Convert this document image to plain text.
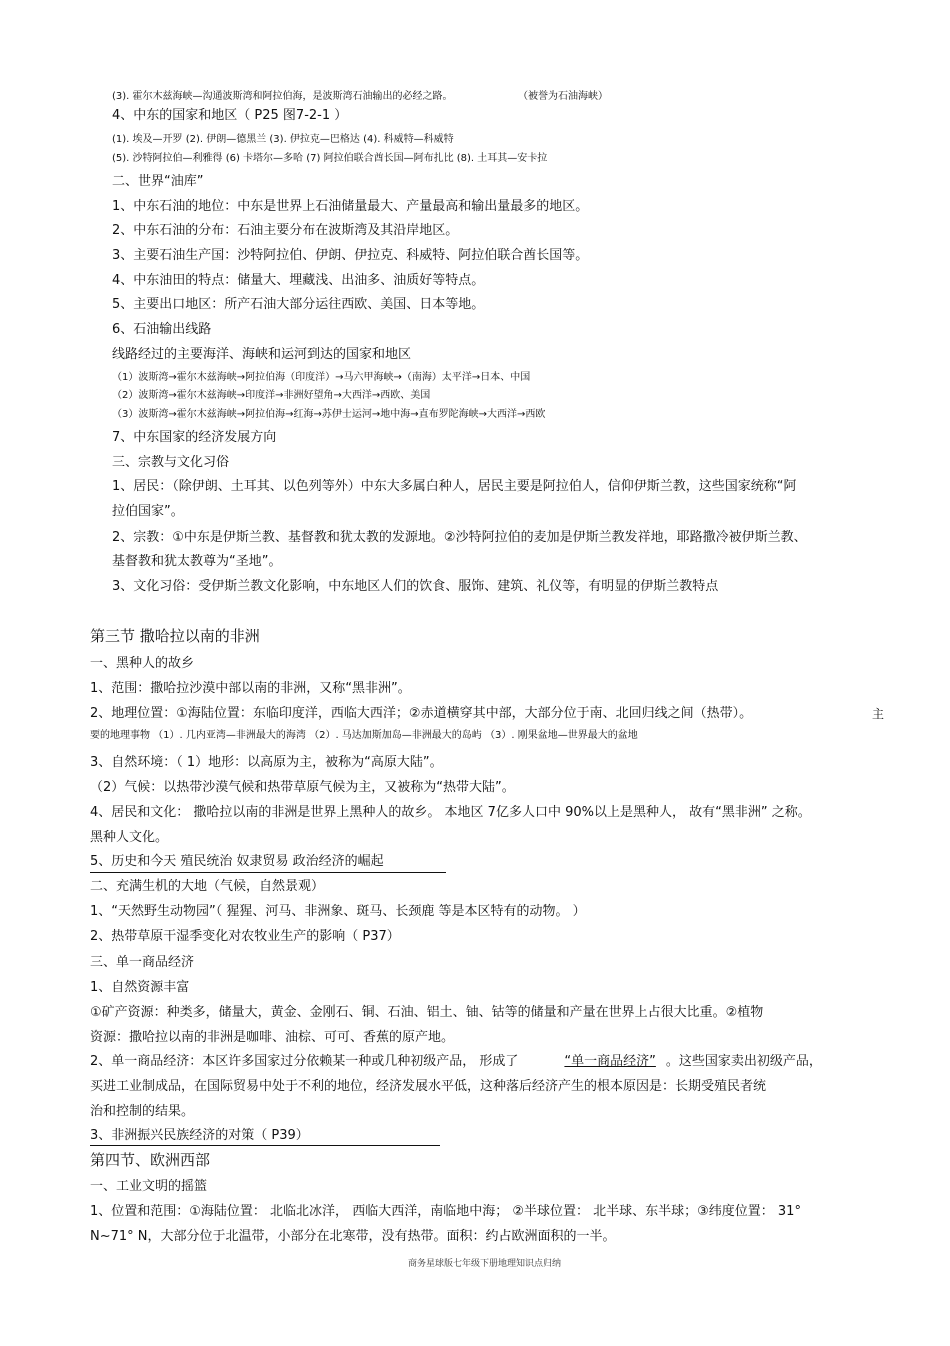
(3). 霍尔木兹海峡—沟通波斯湾和阿拉伯海，是波斯湾石油输出的必经之路。	（被誉为石油海峡）
4、中东的国家和地区（ P25 图7-2-1 ）
(1). 埃及—开罗 (2). 伊朗—德黑兰 (3). 伊拉克—巴格达 (4). 科威特—科威特
(5). 沙特阿拉伯—利雅得 (6) 卡塔尔—多哈 (7) 阿拉伯联合酋长国—阿布扎比 (8). 土耳其—安卡拉
二、世界“油库”
1、中东石油的地位：中东是世界上石油储量最大、产量最高和输出量最多的地区。
2、中东石油的分布：石油主要分布在波斯湾及其沿岸地区。
3、主要石油生产国：沙特阿拉伯、伊朗、伊拉克、科威特、阿拉伯联合酋长国等。
4、中东油田的特点：储量大、埋藏浅、出油多、油质好等特点。
5、主要出口地区：所产石油大部分运往西欧、美国、日本等地。
6、石油输出线路
线路经过的主要海洋、海峡和运河到达的国家和地区
（1）波斯湾→霍尔木兹海峡→阿拉伯海（印度洋）→马六甲海峡→（南海）太平洋→日本、中国
（2）波斯湾→霍尔木兹海峡→印度洋→非洲好望角→大西洋→西欧、美国
（3）波斯湾→霍尔木兹海峡→阿拉伯海→红海→苏伊士运河→地中海→直布罗陀海峡→大西洋→西欧
7、中东国家的经济发展方向
三、宗教与文化习俗
1、居民：（除伊朗、土耳其、以色列等外）中东大多属白种人，居民主要是阿拉伯人，信仰伊斯兰教，这些国家统称“阿
拉伯国家”。
2、宗教：①中东是伊斯兰教、基督教和犹太教的发源地。②沙特阿拉伯的麦加是伊斯兰教发祥地，耶路撒冷被伊斯兰教、
基督教和犹太教尊为“圣地”。
3、文化习俗：受伊斯兰教文化影响，中东地区人们的饮食、服饰、建筑、礼仪等，有明显的伊斯兰教特点
第三节 撒哈拉以南的非洲
一、黑种人的故乡
1、范围：撒哈拉沙漠中部以南的非洲，又称“黑非洲”。
2、地理位置：①海陆位置：东临印度洋，西临大西洋；②赤道横穿其中部，大部分位于南、北回归线之间（热带）。	主
要的地理事物 （1）. 几内亚湾—非洲最大的海湾 （2）. 马达加斯加岛—非洲最大的岛屿 （3）. 刚果盆地—世界最大的盆地
3、自然环境：（ 1）地形：以高原为主，被称为“高原大陆”。
（2）气候：以热带沙漠气候和热带草原气候为主，又被称为“热带大陆”。
4、居民和文化： 撒哈拉以南的非洲是世界上黑种人的故乡。 本地区 7亿多人口中 90%以上是黑种人， 故有“黑非洲” 之称。
黑种人文化。
5、历史和今天 殖民统治 奴隶贸易 政治经济的崛起
二、充满生机的大地（气候，自然景观）
1、“天然野生动物园”（ 猩猩、河马、非洲象、斑马、长颈鹿 等是本区特有的动物。 ）
2、热带草原干湿季变化对农牧业生产的影响（ P37）
三、单一商品经济
1、自然资源丰富
①矿产资源：种类多，储量大，黄金、金刚石、铜、石油、铝土、铀、钴等的储量和产量在世界上占很大比重。②植物
资源：撒哈拉以南的非洲是咖啡、油棕、可可、香蕉的原产地。
2、单一商品经济：本区许多国家过分依赖某一种或几种初级产品， 形成了	“单一商品经济” 。这些国家卖出初级产品，
买进工业制成品，在国际贸易中处于不利的地位，经济发展水平低，这种落后经济产生的根本原因是：长期受殖民者统
治和控制的结果。
3、非洲振兴民族经济的对策（ P39）
第四节、欧洲西部
一、工业文明的摇篮
1、位置和范围：①海陆位置： 北临北冰洋， 西临大西洋，南临地中海； ②半球位置： 北半球、东半球；③纬度位置： 31°
N~71° N，大部分位于北温带，小部分在北寒带，没有热带。面积：约占欧洲面积的一半。
商务星球版七年级下册地理知识点归纳
